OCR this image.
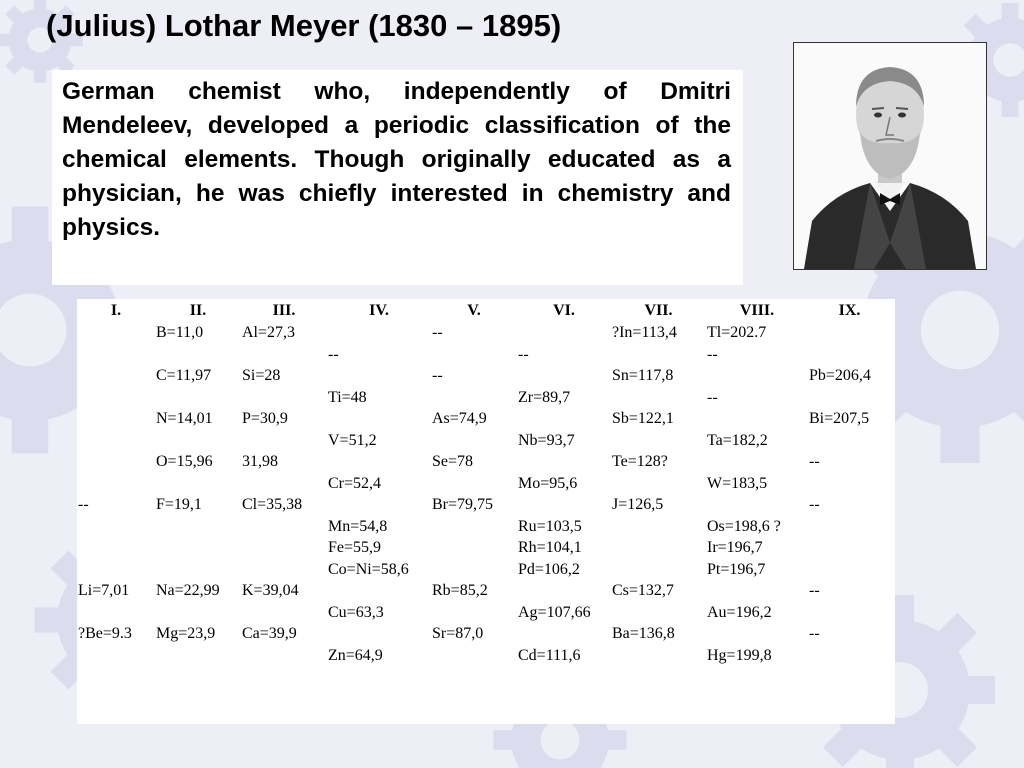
(Julius) Lothar Meyer (1830 – 1895)

German chemist who, independently of Dmitri Mendeleev, developed a periodic classification of the chemical elements. Though originally educated as a physician, he was chiefly interested in chemistry and physics.

I.	II.	III.	IV.	V.	VI.	VII.	VIII.	IX.
	B=11,0	Al=27,3		--		?In=113,4	Tl=202.7	
			--		--		--	
	C=11,97	Si=28		--		Sn=117,8		Pb=206,4
			Ti=48		Zr=89,7		--	
	N=14,01	P=30,9		As=74,9		Sb=122,1		Bi=207,5
			V=51,2		Nb=93,7		Ta=182,2	
	O=15,96	31,98		Se=78		Te=128?		--
			Cr=52,4		Mo=95,6		W=183,5	
--	F=19,1	Cl=35,38		Br=79,75		J=126,5		--
			Mn=54,8		Ru=103,5		Os=198,6 ?	
			Fe=55,9		Rh=104,1		Ir=196,7	
			Co=Ni=58,6		Pd=106,2		Pt=196,7	
Li=7,01	Na=22,99	K=39,04		Rb=85,2		Cs=132,7		--
			Cu=63,3		Ag=107,66		Au=196,2	
?Be=9.3	Mg=23,9	Ca=39,9		Sr=87,0		Ba=136,8		--
			Zn=64,9		Cd=111,6		Hg=199,8	
